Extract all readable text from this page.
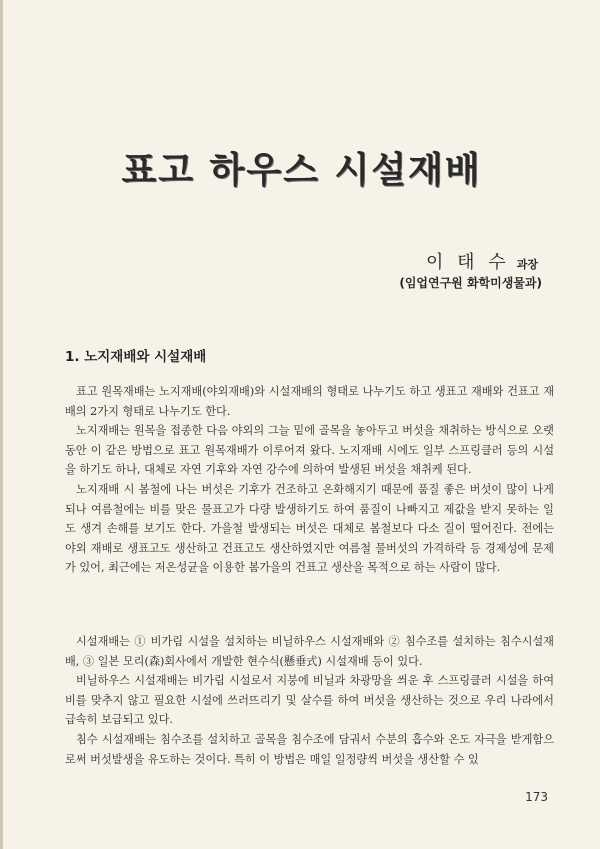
표고 하우스 시설재배
이 태 수 과장
(임업연구원 화학미생물과)
1. 노지재배와 시설재배

표고 원목재배는 노지재배(야외재배)와 시설재배의 형태로 나누기도 하고 생표고 재배와 건표고 재배의 2가지 형태로 나누기도 한다.

노지재배는 원목을 접종한 다음 야외의 그늘 밑에 골목을 놓아두고 버섯을 채취하는 방식으로 오랫동안 이 같은 방법으로 표고 원목재배가 이루어져 왔다. 노지재배 시에도 일부 스프링클러 등의 시설을 하기도 하나, 대체로 자연 기후와 자연 강수에 의하여 발생된 버섯을 채취케 된다.

노지재배 시 봄철에 나는 버섯은 기후가 건조하고 온화해지기 때문에 품질 좋은 버섯이 많이 나게 되나 여름철에는 비를 맞은 물표고가 다량 발생하기도 하여 품질이 나빠지고 제값을 받지 못하는 일도 생겨 손해를 보기도 한다. 가을철 발생되는 버섯은 대체로 봄철보다 다소 질이 떨어진다. 전에는 야외 재배로 생표고도 생산하고 건표고도 생산하였지만 여름철 물버섯의 가격하락 등 경제성에 문제가 있어, 최근에는 저온성균을 이용한 봄가을의 건표고 생산을 목적으로 하는 사람이 많다.

시설재배는 ① 비가림 시설을 설치하는 비닐하우스 시설재배와 ② 침수조를 설치하는 침수시설재배, ③ 일본 모리(森)회사에서 개발한 현수식(懸垂式) 시설재배 등이 있다.

비닐하우스 시설재배는 비가림 시설로서 지붕에 비닐과 차광망을 씌운 후 스프링클러 시설을 하여 비를 맞추지 않고 필요한 시설에 쓰러뜨리기 및 살수를 하여 버섯을 생산하는 것으로 우리 나라에서 급속히 보급되고 있다.

침수 시설재배는 침수조를 설치하고 골목을 침수조에 담궈서 수분의 흡수와 온도 자극을 받게함으로써 버섯발생을 유도하는 것이다. 특히 이 방법은 매일 일정량씩 버섯을 생산할 수 있

173
